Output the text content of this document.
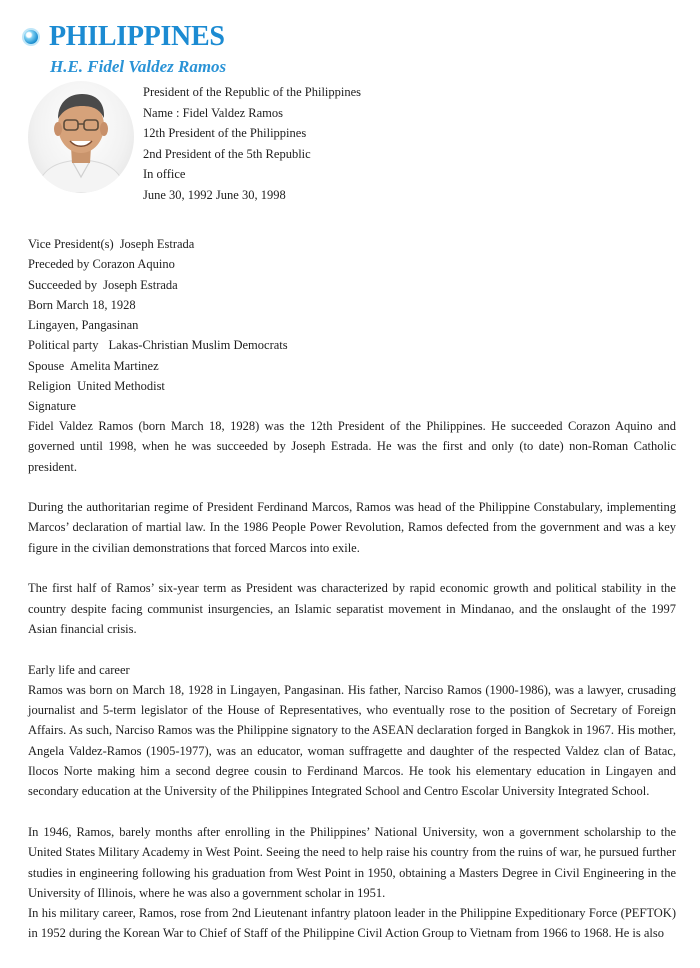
PHILIPPINES
H.E. Fidel Valdez Ramos
President of the Republic of the Philippines
Name : Fidel Valdez Ramos
12th President of the Philippines
2nd President of the 5th Republic
In office
June 30, 1992 June 30, 1998
Vice President(s) Joseph Estrada
Preceded by Corazon Aquino
Succeeded by Joseph Estrada
Born March 18, 1928
Lingayen, Pangasinan
Political party Lakas-Christian Muslim Democrats
Spouse Amelita Martinez
Religion United Methodist
Signature

Fidel Valdez Ramos (born March 18, 1928) was the 12th President of the Philippines. He succeeded Corazon Aquino and governed until 1998, when he was succeeded by Joseph Estrada. He was the first and only (to date) non-Roman Catholic president.

During the authoritarian regime of President Ferdinand Marcos, Ramos was head of the Philippine Constabulary, implementing Marcos’ declaration of martial law. In the 1986 People Power Revolution, Ramos defected from the government and was a key figure in the civilian demonstrations that forced Marcos into exile.

The first half of Ramos’ six-year term as President was characterized by rapid economic growth and political stability in the country despite facing communist insurgencies, an Islamic separatist movement in Mindanao, and the onslaught of the 1997 Asian financial crisis.

Early life and career

Ramos was born on March 18, 1928 in Lingayen, Pangasinan. His father, Narciso Ramos (1900-1986), was a lawyer, crusading journalist and 5-term legislator of the House of Representatives, who eventually rose to the position of Secretary of Foreign Affairs. As such, Narciso Ramos was the Philippine signatory to the ASEAN declaration forged in Bangkok in 1967. His mother, Angela Valdez-Ramos (1905-1977), was an educator, woman suffragette and daughter of the respected Valdez clan of Batac, Ilocos Norte making him a second degree cousin to Ferdinand Marcos. He took his elementary education in Lingayen and secondary education at the University of the Philippines Integrated School and Centro Escolar University Integrated School.

In 1946, Ramos, barely months after enrolling in the Philippines’ National University, won a government scholarship to the United States Military Academy in West Point. Seeing the need to help raise his country from the ruins of war, he pursued further studies in engineering following his graduation from West Point in 1950, obtaining a Masters Degree in Civil Engineering in the University of Illinois, where he was also a government scholar in 1951.

In his military career, Ramos, rose from 2nd Lieutenant infantry platoon leader in the Philippine Expeditionary Force (PEFTOK) in 1952 during the Korean War to Chief of Staff of the Philippine Civil Action Group to Vietnam from 1966 to 1968. He is also
